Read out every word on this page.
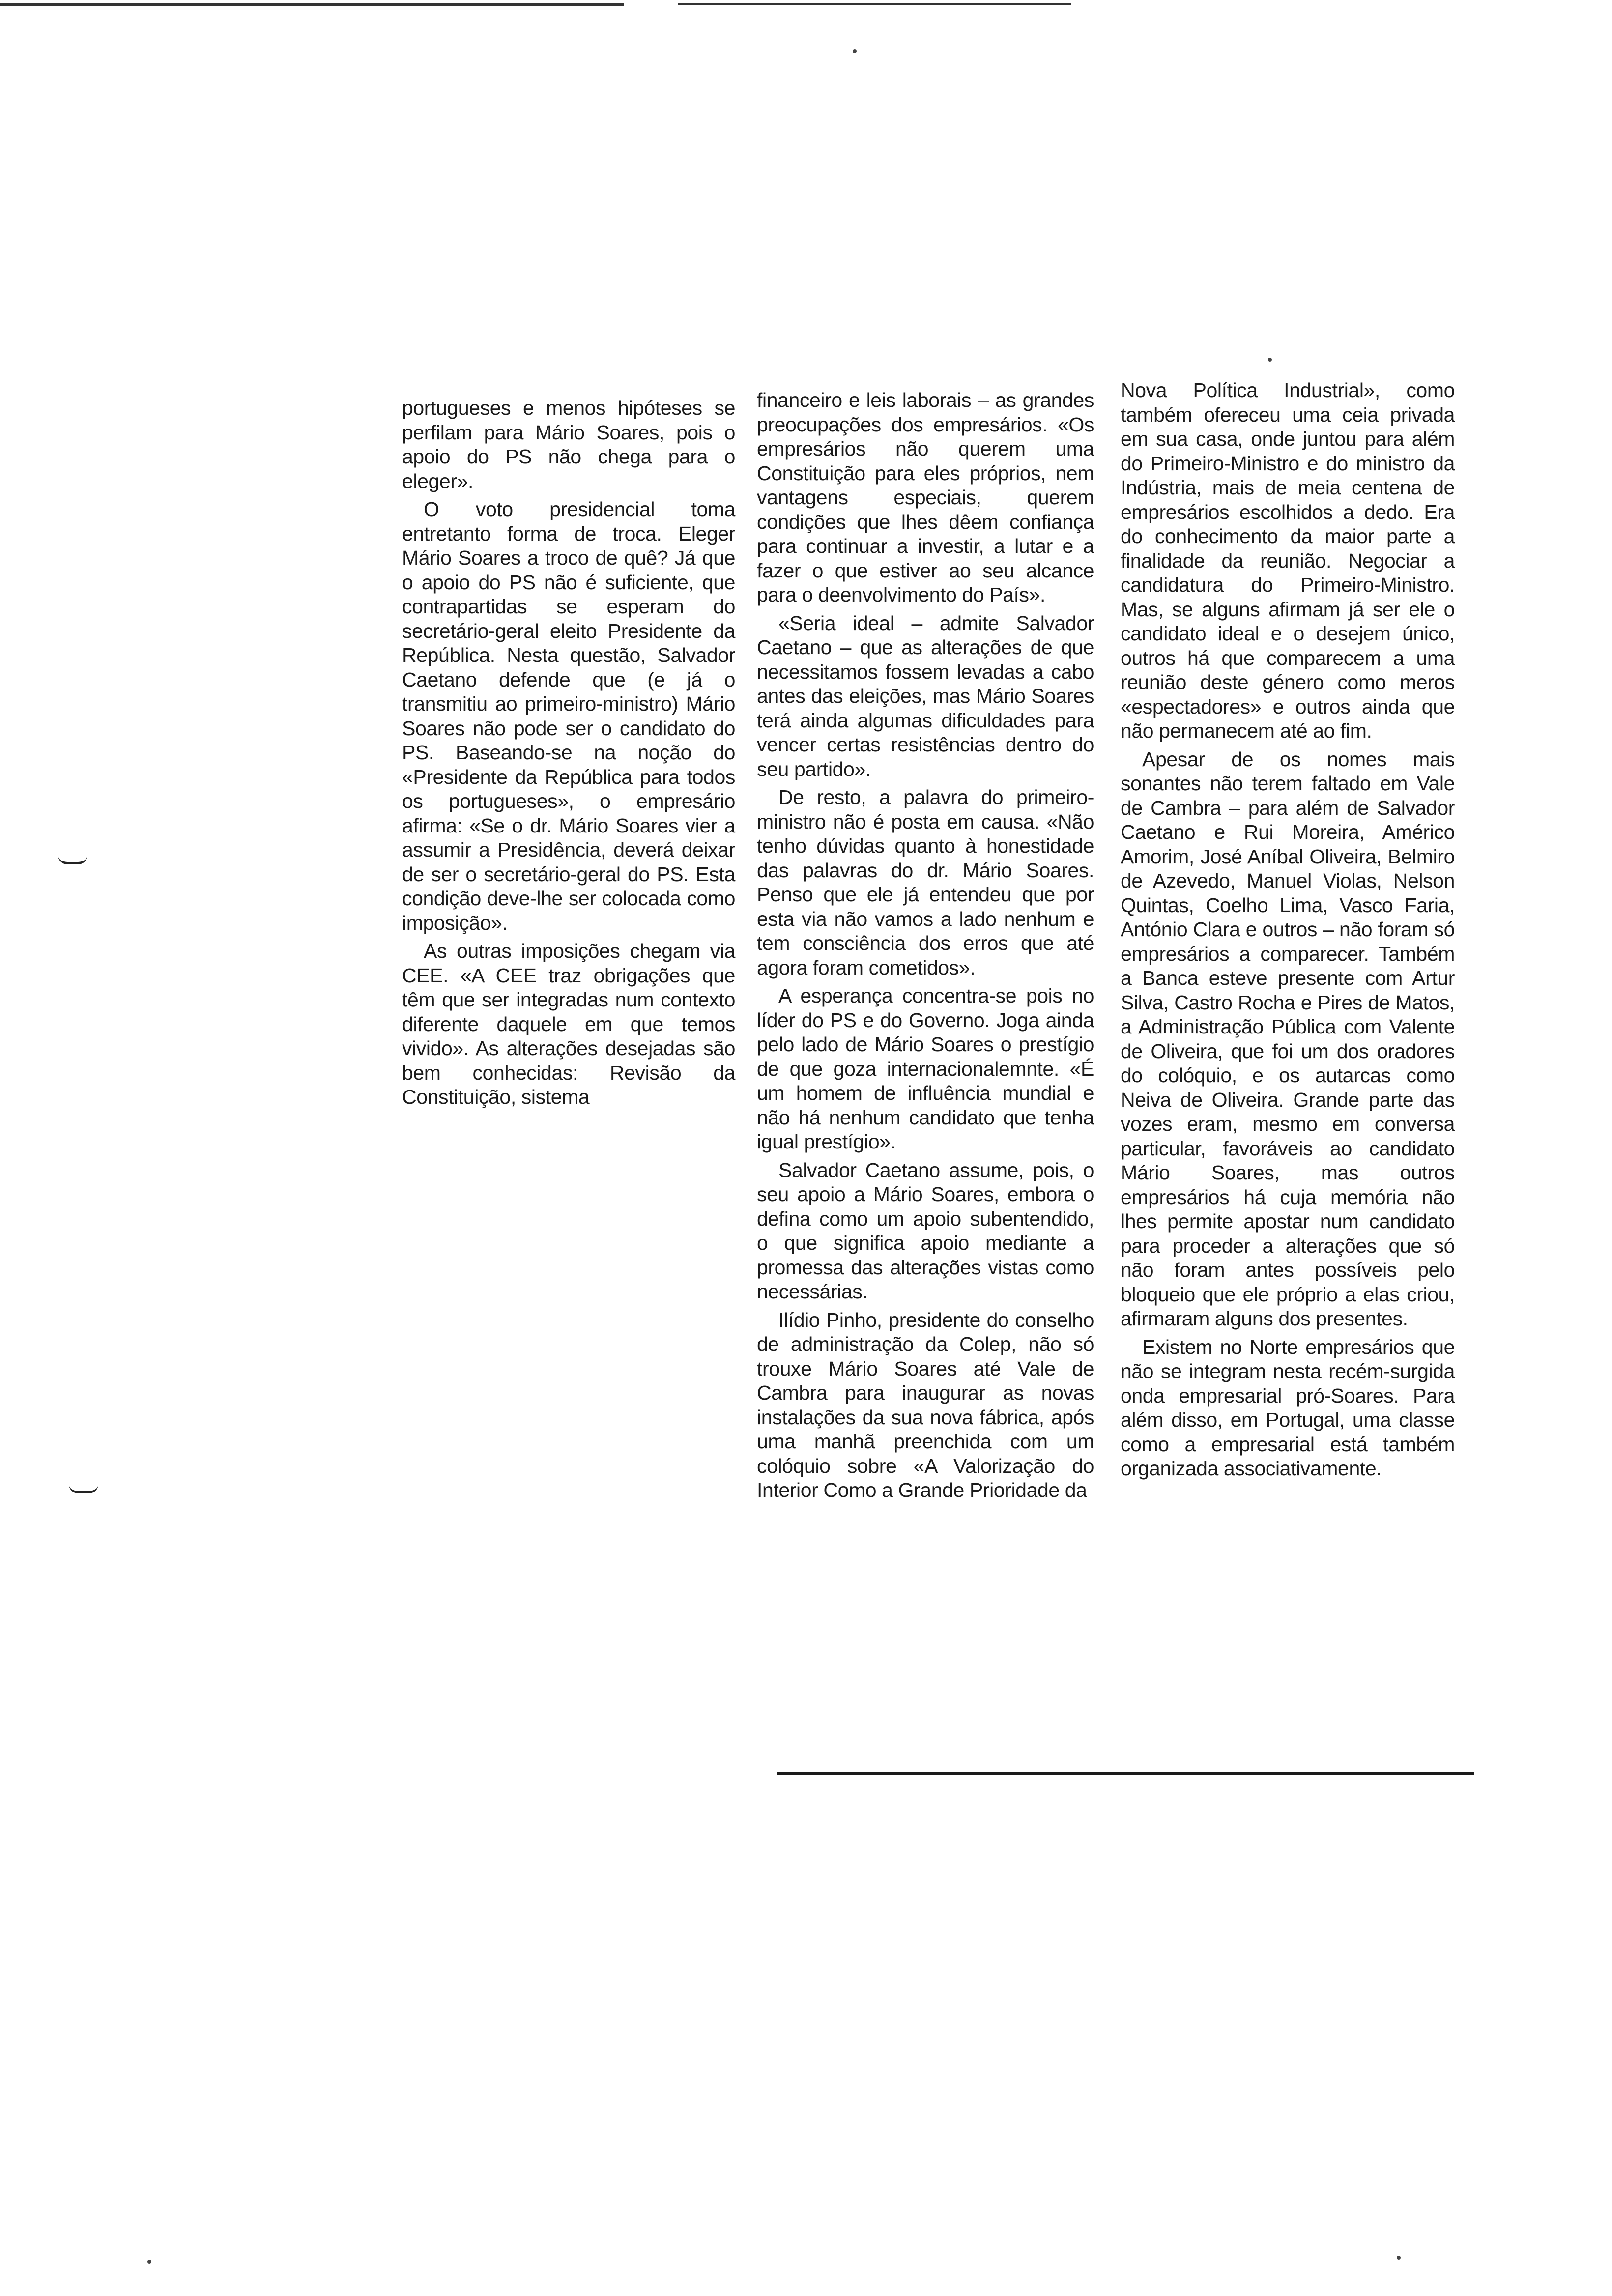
portugueses e menos hipóteses se perfilam para Mário Soares, pois o apoio do PS não chega para o eleger».

O voto presidencial toma entretanto forma de troca. Eleger Mário Soares a troco de quê? Já que o apoio do PS não é suficiente, que contrapartidas se esperam do secretário-geral eleito Presidente da República. Nesta questão, Salvador Caetano defende que (e já o transmitiu ao primeiro-ministro) Mário Soares não pode ser o candidato do PS. Baseando-se na noção do «Presidente da República para todos os portugueses», o empresário afirma: «Se o dr. Mário Soares vier a assumir a Presidência, deverá deixar de ser o secretário-geral do PS. Esta condição deve-lhe ser colocada como imposição».

As outras imposições chegam via CEE. «A CEE traz obrigações que têm que ser integradas num contexto diferente daquele em que temos vivido». As alterações desejadas são bem conhecidas: Revisão da Constituição, sistema

financeiro e leis laborais – as grandes preocupações dos empresários. «Os empresários não querem uma Constituição para eles próprios, nem vantagens especiais, querem condições que lhes dêem confiança para continuar a investir, a lutar e a fazer o que estiver ao seu alcance para o deenvolvimento do País».

«Seria ideal – admite Salvador Caetano – que as alterações de que necessitamos fossem levadas a cabo antes das eleições, mas Mário Soares terá ainda algumas dificuldades para vencer certas resistências dentro do seu partido».

De resto, a palavra do primeiro-ministro não é posta em causa. «Não tenho dúvidas quanto à honestidade das palavras do dr. Mário Soares. Penso que ele já entendeu que por esta via não vamos a lado nenhum e tem consciência dos erros que até agora foram cometidos».

A esperança concentra-se pois no líder do PS e do Governo. Joga ainda pelo lado de Mário Soares o prestígio de que goza internacionalemnte. «É um homem de influência mundial e não há nenhum candidato que tenha igual prestígio».

Salvador Caetano assume, pois, o seu apoio a Mário Soares, embora o defina como um apoio subentendido, o que significa apoio mediante a promessa das alterações vistas como necessárias.

Ilídio Pinho, presidente do conselho de administração da Colep, não só trouxe Mário Soares até Vale de Cambra para inaugurar as novas instalações da sua nova fábrica, após uma manhã preenchida com um colóquio sobre «A Valorização do Interior Como a Grande Prioridade da

Nova Política Industrial», como também ofereceu uma ceia privada em sua casa, onde juntou para além do Primeiro-Ministro e do ministro da Indústria, mais de meia centena de empresários escolhidos a dedo. Era do conhecimento da maior parte a finalidade da reunião. Negociar a candidatura do Primeiro-Ministro. Mas, se alguns afirmam já ser ele o candidato ideal e o desejem único, outros há que comparecem a uma reunião deste género como meros «espectadores» e outros ainda que não permanecem até ao fim.

Apesar de os nomes mais sonantes não terem faltado em Vale de Cambra – para além de Salvador Caetano e Rui Moreira, Américo Amorim, José Aníbal Oliveira, Belmiro de Azevedo, Manuel Violas, Nelson Quintas, Coelho Lima, Vasco Faria, António Clara e outros – não foram só empresários a comparecer. Também a Banca esteve presente com Artur Silva, Castro Rocha e Pires de Matos, a Administração Pública com Valente de Oliveira, que foi um dos oradores do colóquio, e os autarcas como Neiva de Oliveira. Grande parte das vozes eram, mesmo em conversa particular, favoráveis ao candidato Mário Soares, mas outros empresários há cuja memória não lhes permite apostar num candidato para proceder a alterações que só não foram antes possíveis pelo bloqueio que ele próprio a elas criou, afirmaram alguns dos presentes.

Existem no Norte empresários que não se integram nesta recém-surgida onda empresarial pró-Soares. Para além disso, em Portugal, uma classe como a empresarial está também organizada associativamente.
